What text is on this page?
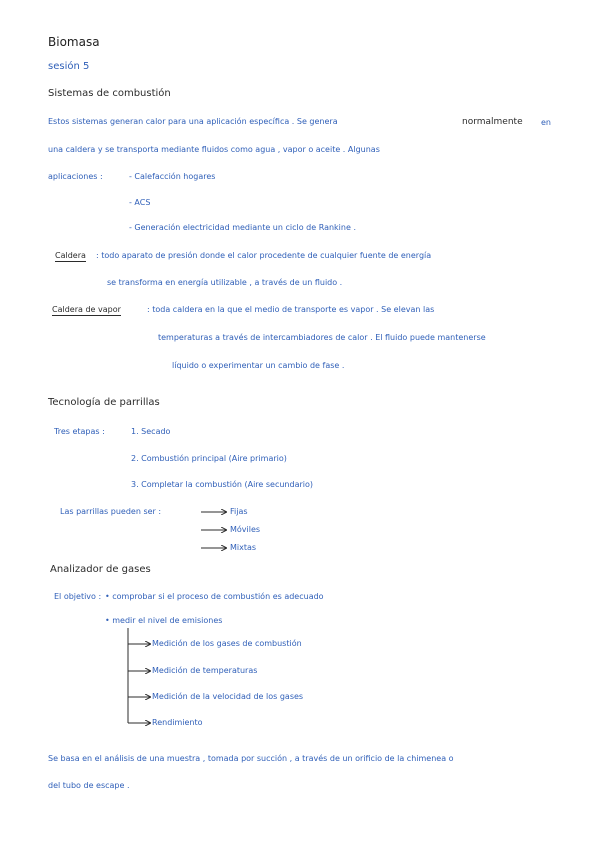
Biomasa
sesión 5
Sistemas de combustión
Estos sistemas generan calor para una aplicación específica . Se genera	normalmente en
una caldera y se transporta mediante fluidos como agua , vapor o aceite . Algunas
aplicaciones :	- Calefacción hogares
- ACS
- Generación electricidad mediante un ciclo de Rankine .
Caldera : todo aparato de presión donde el calor procedente de cualquier fuente de energía
se transforma en energía utilizable , a través de un fluido .
Caldera de vapor	: toda caldera en la que el medio de transporte es vapor . Se elevan las
temperaturas a través de intercambiadores de calor . El fluido puede mantenerse
líquido o experimentar un cambio de fase .
Tecnología de parrillas
Tres etapas :	1. Secado
2. Combustión principal (Aire primario)
3. Completar la combustión (Aire secundario)
Las parrillas pueden ser :	Fijas
Móviles
Mixtas
Analizador de gases
El objetivo : • comprobar si el proceso de combustión es adecuado
• medir el nivel de emisiones
Medición de los gases de combustión
Medición de temperaturas
Medición de la velocidad de los gases
Rendimiento
Se basa en el análisis de una muestra , tomada por succión , a través de un orificio de la chimenea o
del tubo de escape .
